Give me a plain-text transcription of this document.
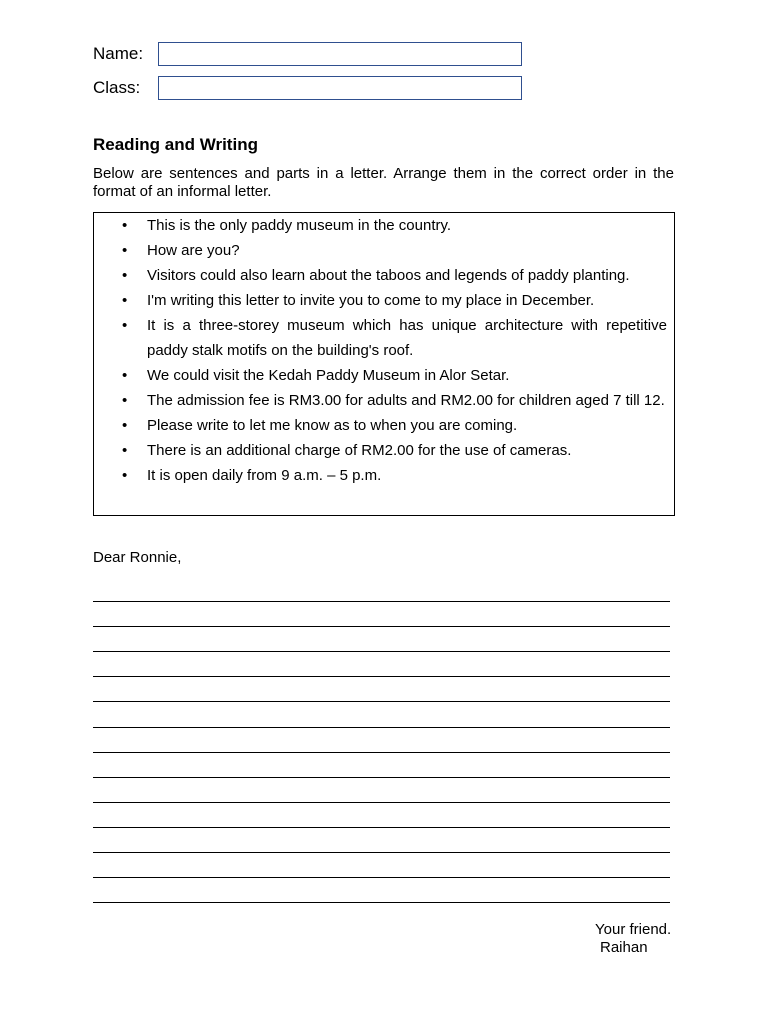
Name:
Class:
Reading and Writing
Below are sentences and parts in a letter. Arrange them in the correct order in the format of an informal letter.
• This is the only paddy museum in the country.
• How are you?
• Visitors could also learn about the taboos and legends of paddy planting.
• I'm writing this letter to invite you to come to my place in December.
• It is a three-storey museum which has unique architecture with repetitive paddy stalk motifs on the building's roof.
• We could visit the Kedah Paddy Museum in Alor Setar.
• The admission fee is RM3.00 for adults and RM2.00 for children aged 7 till 12.
• Please write to let me know as to when you are coming.
• There is an additional charge of RM2.00 for the use of cameras.
• It is open daily from 9 a.m. – 5 p.m.
Dear Ronnie,
Your friend.
Raihan
